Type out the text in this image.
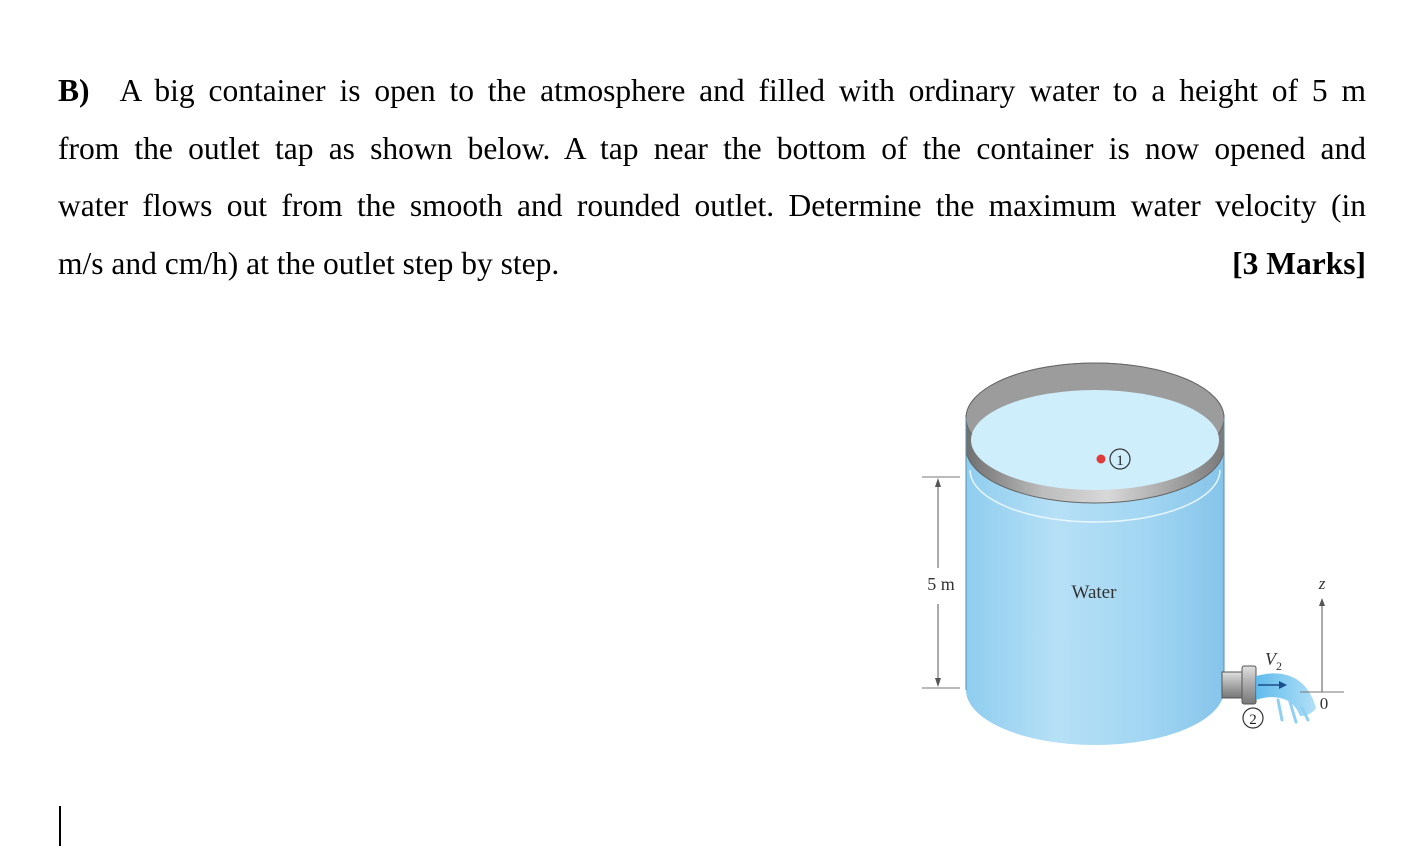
B) A big container is open to the atmosphere and filled with ordinary water to a height of 5 m
from the outlet tap as shown below. A tap near the bottom of the container is now opened and
water flows out from the smooth and rounded outlet. Determine the maximum water velocity (in
m/s and cm/h) at the outlet step by step.	[3 Marks]
1
Water
5 m
$V_2$
2
z
0
